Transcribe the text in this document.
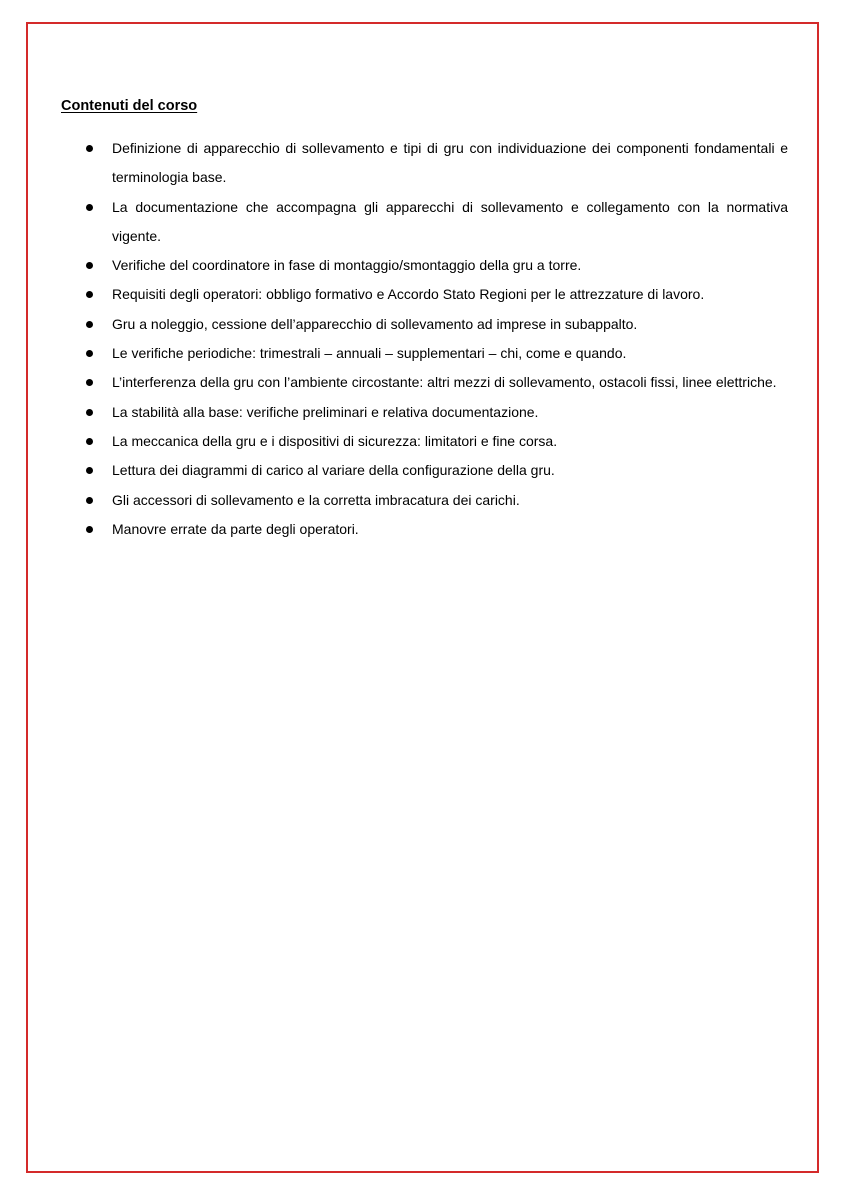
Contenuti del corso
Definizione di apparecchio di sollevamento e tipi di gru con individuazione dei componenti fondamentali e terminologia base.
La documentazione che accompagna gli apparecchi di sollevamento e collegamento con la normativa vigente.
Verifiche del coordinatore in fase di montaggio/smontaggio della gru a torre.
Requisiti degli operatori: obbligo formativo e Accordo Stato Regioni per le attrezzature di lavoro.
Gru a noleggio, cessione dell’apparecchio di sollevamento ad imprese in subappalto.
Le verifiche periodiche: trimestrali – annuali – supplementari – chi, come e quando.
L’interferenza della gru con l’ambiente circostante: altri mezzi di sollevamento, ostacoli fissi, linee elettriche.
La stabilità alla base: verifiche preliminari e relativa documentazione.
La meccanica della gru e i dispositivi di sicurezza: limitatori e fine corsa.
Lettura dei diagrammi di carico al variare della configurazione della gru.
Gli accessori di sollevamento e la corretta imbracatura dei carichi.
Manovre errate da parte degli operatori.
